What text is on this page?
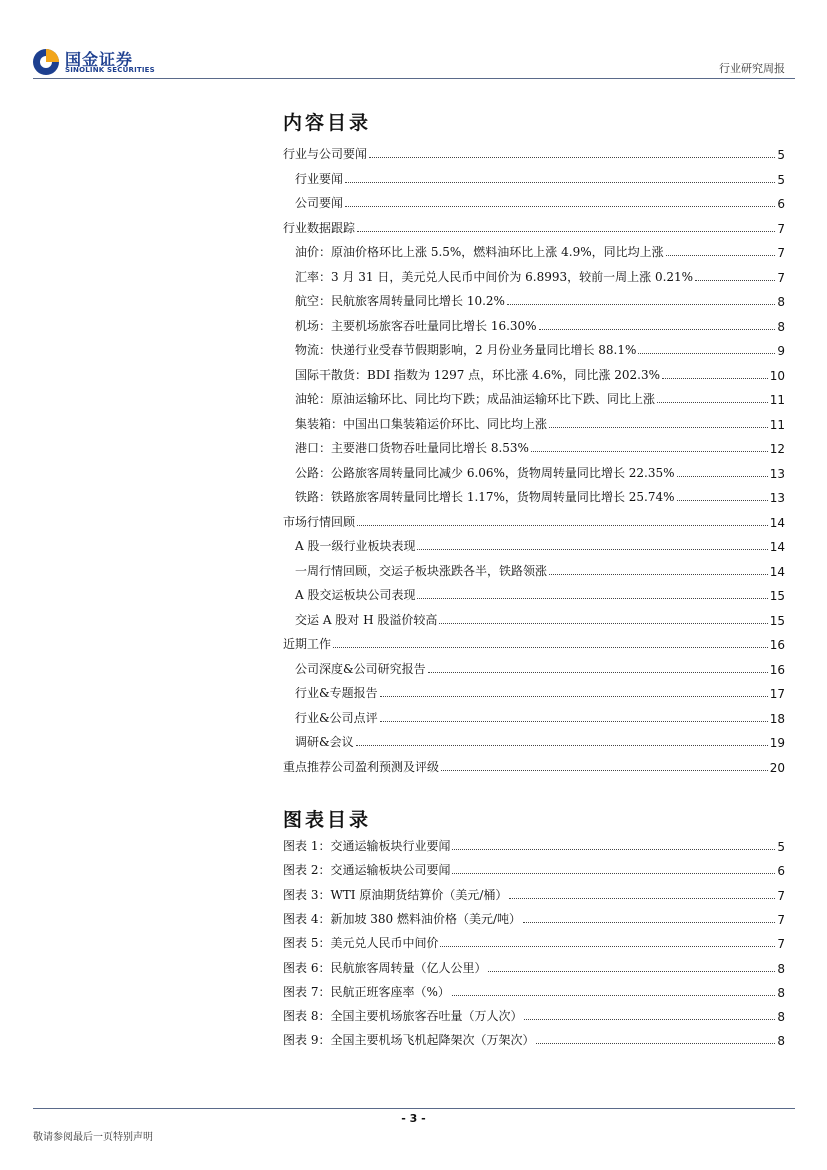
国金证券
SINOLINK SECURITIES	行业研究周报
内容目录
行业与公司要闻	5
行业要闻	5
公司要闻	6
行业数据跟踪	7
油价：原油价格环比上涨 5.5%，燃料油环比上涨 4.9%，同比均上涨	7
汇率：3 月 31 日，美元兑人民币中间价为 6.8993，较前一周上涨 0.21%	7
航空：民航旅客周转量同比增长 10.2%	8
机场：主要机场旅客吞吐量同比增长 16.30%	8
物流：快递行业受春节假期影响，2 月份业务量同比增长 88.1%	9
国际干散货：BDI 指数为 1297 点，环比涨 4.6%，同比涨 202.3%	10
油轮：原油运输环比、同比均下跌；成品油运输环比下跌、同比上涨	11
集装箱：中国出口集装箱运价环比、同比均上涨	11
港口：主要港口货物吞吐量同比增长 8.53%	12
公路：公路旅客周转量同比减少 6.06%，货物周转量同比增长 22.35%	13
铁路：铁路旅客周转量同比增长 1.17%，货物周转量同比增长 25.74%	13
市场行情回顾	14
A 股一级行业板块表现	14
一周行情回顾，交运子板块涨跌各半，铁路领涨	14
A 股交运板块公司表现	15
交运 A 股对 H 股溢价较高	15
近期工作	16
公司深度&公司研究报告	16
行业&专题报告	17
行业&公司点评	18
调研&会议	19
重点推荐公司盈利预测及评级	20
图表目录
图表 1：交通运输板块行业要闻	5
图表 2：交通运输板块公司要闻	6
图表 3：WTI 原油期货结算价（美元/桶）	7
图表 4：新加坡 380 燃料油价格（美元/吨）	7
图表 5：美元兑人民币中间价	7
图表 6：民航旅客周转量（亿人公里）	8
图表 7：民航正班客座率（%）	8
图表 8：全国主要机场旅客吞吐量（万人次）	8
图表 9：全国主要机场飞机起降架次（万架次）	8
- 3 -
敬请参阅最后一页特别声明
